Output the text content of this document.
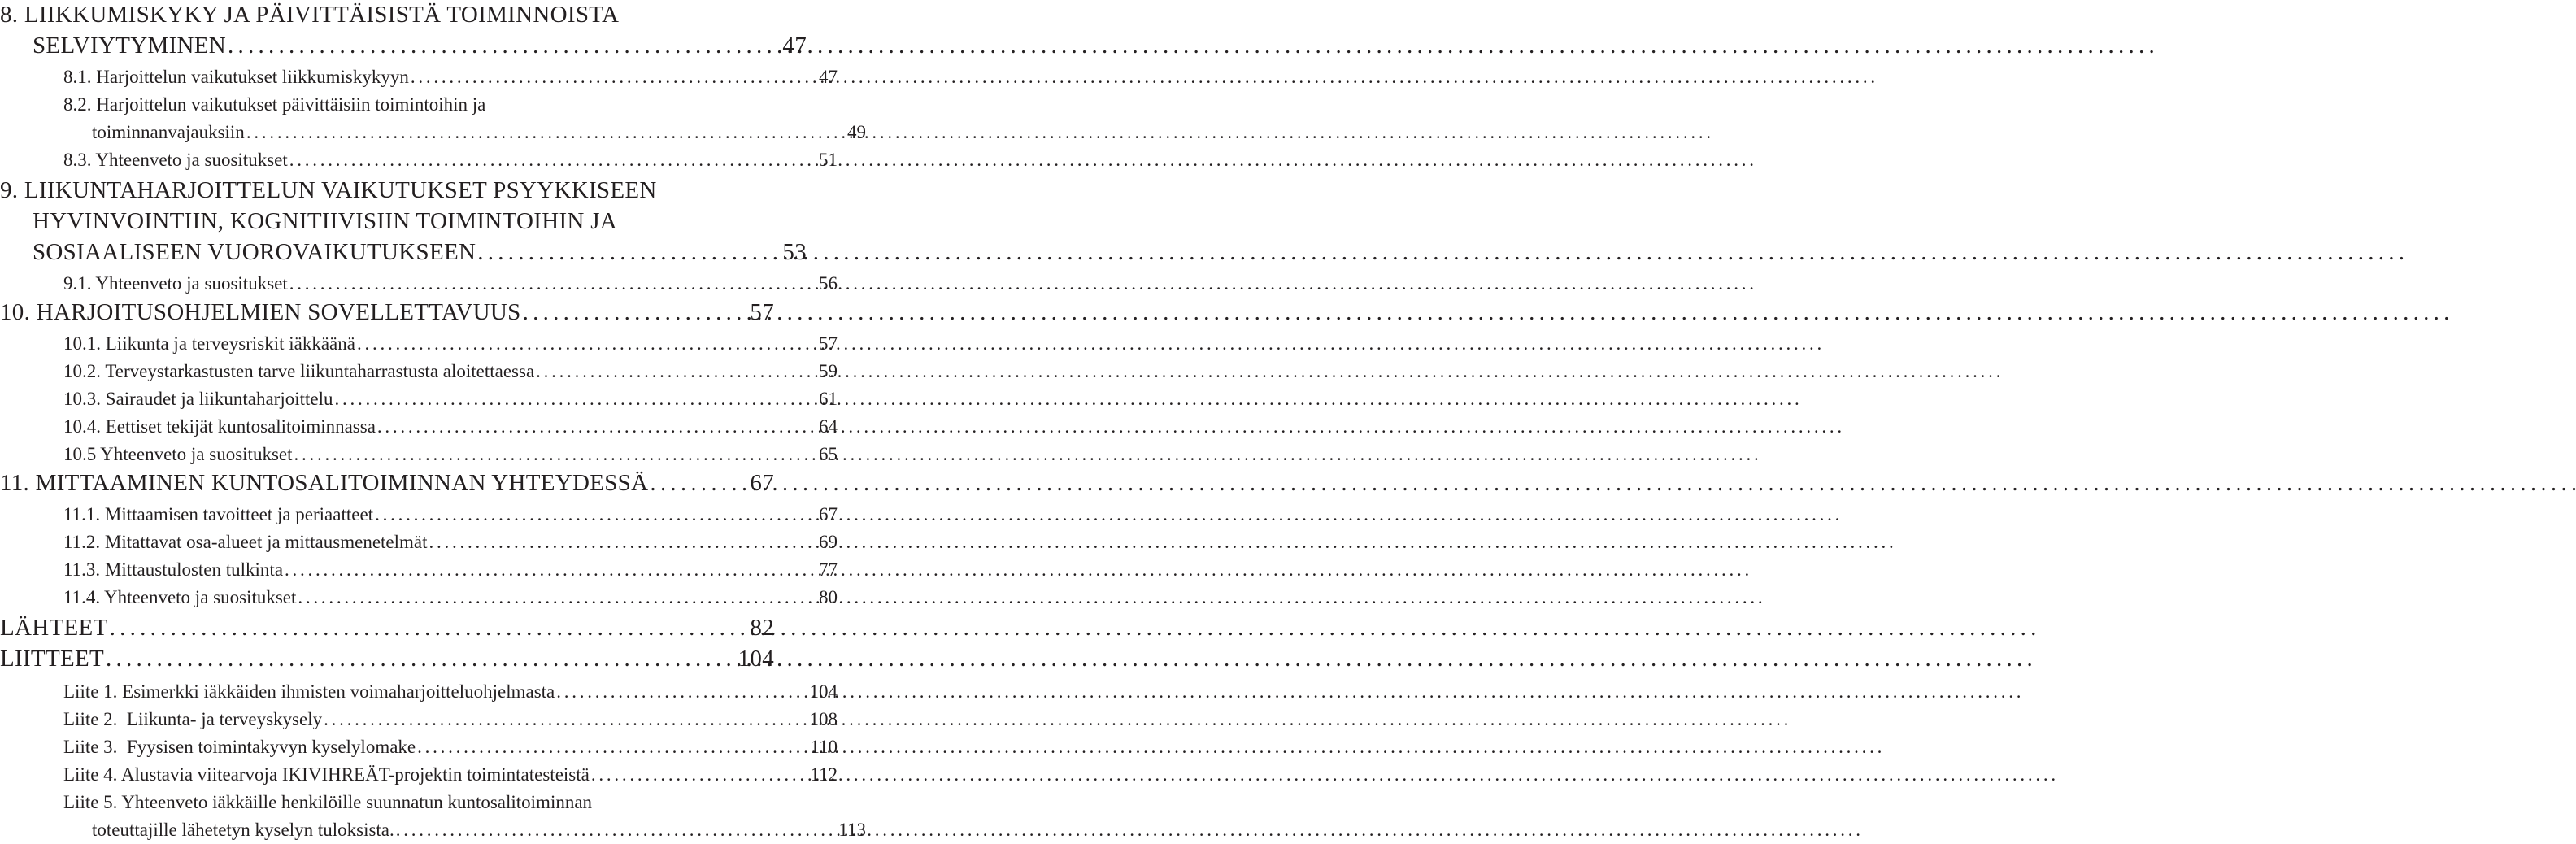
8. LIIKKUMISKYKY JA PÄIVITTÄISISTÄ TOIMINNOISTA
SELVIYTYMINEN . . .	47
8.1. Harjoittelun vaikutukset liikkumiskykyyn . . .	47
8.2. Harjoittelun vaikutukset päivittäisiin toimintoihin ja
toiminnanvajauksiin . . .	49
8.3. Yhteenveto ja suositukset . . .	51
9. LIIKUNTAHARJOITTELUN VAIKUTUKSET PSYYKKISEEN
HYVINVOINTIIN, KOGNITIIVISIIN TOIMINTOIHIN JA
SOSIAALISEEN VUOROVAIKUTUKSEEN . . .	53
9.1. Yhteenveto ja suositukset . . .	56
10. HARJOITUSOHJELMIEN SOVELLETTAVUUS . . .	57
10.1. Liikunta ja terveysriskit iäkkäänä . . .	57
10.2. Terveystarkastusten tarve liikuntaharrastusta aloitettaessa . . .	59
10.3. Sairaudet ja liikuntaharjoittelu . . .	61
10.4. Eettiset tekijät kuntosalitoiminnassa . . .	64
10.5 Yhteenveto ja suositukset . . .	65
11. MITTAAMINEN KUNTOSALITOIMINNAN YHTEYDESSÄ . . .	67
11.1. Mittaamisen tavoitteet ja periaatteet . . .	67
11.2. Mitattavat osa-alueet ja mittausmenetelmät . . .	69
11.3. Mittaustulosten tulkinta . . .	77
11.4. Yhteenveto ja suositukset . . .	80
LÄHTEET . . .	82
LIITTEET . . .	104
Liite 1. Esimerkki iäkkäiden ihmisten voimaharjoitteluohjelmasta . . .	104
Liite 2.  Liikunta- ja terveyskysely . . .	108
Liite 3.  Fyysisen toimintakyvyn kyselylomake . . .	110
Liite 4. Alustavia viitearvoja IKIVIHREÄT-projektin toimintatesteistä . . .	112
Liite 5. Yhteenveto iäkkäille henkilöille suunnatun kuntosalitoiminnan
toteuttajille lähetetyn kyselyn tuloksista. . . .	113
